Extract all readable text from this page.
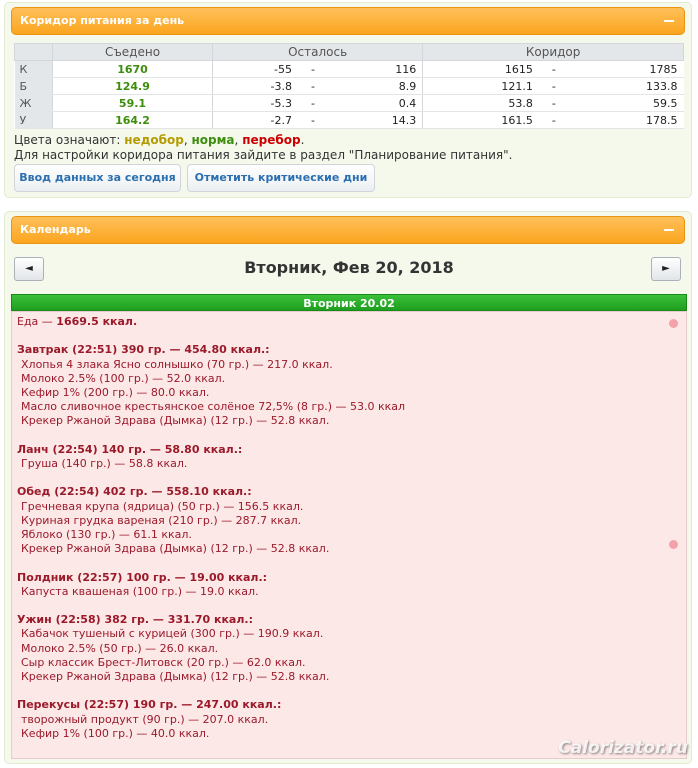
Коридор питания за день
	Съедено	Осталось			Коридор		
К	1670	-55	-	116	1615	-	1785
Б	124.9	-3.8	-	8.9	121.1	-	133.8
Ж	59.1	-5.3	-	0.4	53.8	-	59.5
У	164.2	-2.7	-	14.3	161.5	-	178.5
Цвета означают: недобор, норма, перебор.
Для настройки коридора питания зайдите в раздел "Планирование питания".
Ввод данных за сегодня	Отметить критические дни
Календарь
◄	Вторник, Фев 20, 2018	►
Вторник 20.02
Еда — 1669.5 ккал.
Завтрак (22:51) 390 гр. — 454.80 ккал.:
Хлопья 4 злака Ясно солнышко (70 гр.) — 217.0 ккал.
Молоко 2.5% (100 гр.) — 52.0 ккал.
Кефир 1% (200 гр.) — 80.0 ккал.
Масло сливочное крестьянское солёное 72,5% (8 гр.) — 53.0 ккал
Крекер Ржаной Здрава (Дымка) (12 гр.) — 52.8 ккал.
Ланч (22:54) 140 гр. — 58.80 ккал.:
Груша (140 гр.) — 58.8 ккал.
Обед (22:54) 402 гр. — 558.10 ккал.:
Гречневая крупа (ядрица) (50 гр.) — 156.5 ккал.
Куриная грудка вареная (210 гр.) — 287.7 ккал.
Яблоко (130 гр.) — 61.1 ккал.
Крекер Ржаной Здрава (Дымка) (12 гр.) — 52.8 ккал.
Полдник (22:57) 100 гр. — 19.00 ккал.:
Капуста квашеная (100 гр.) — 19.0 ккал.
Ужин (22:58) 382 гр. — 331.70 ккал.:
Кабачок тушеный с курицей (300 гр.) — 190.9 ккал.
Молоко 2.5% (50 гр.) — 26.0 ккал.
Сыр классик Брест-Литовск (20 гр.) — 62.0 ккал.
Крекер Ржаной Здрава (Дымка) (12 гр.) — 52.8 ккал.
Перекусы (22:57) 190 гр. — 247.00 ккал.:
творожный продукт (90 гр.) — 207.0 ккал.
Кефир 1% (100 гр.) — 40.0 ккал.
Calorizator.ru
